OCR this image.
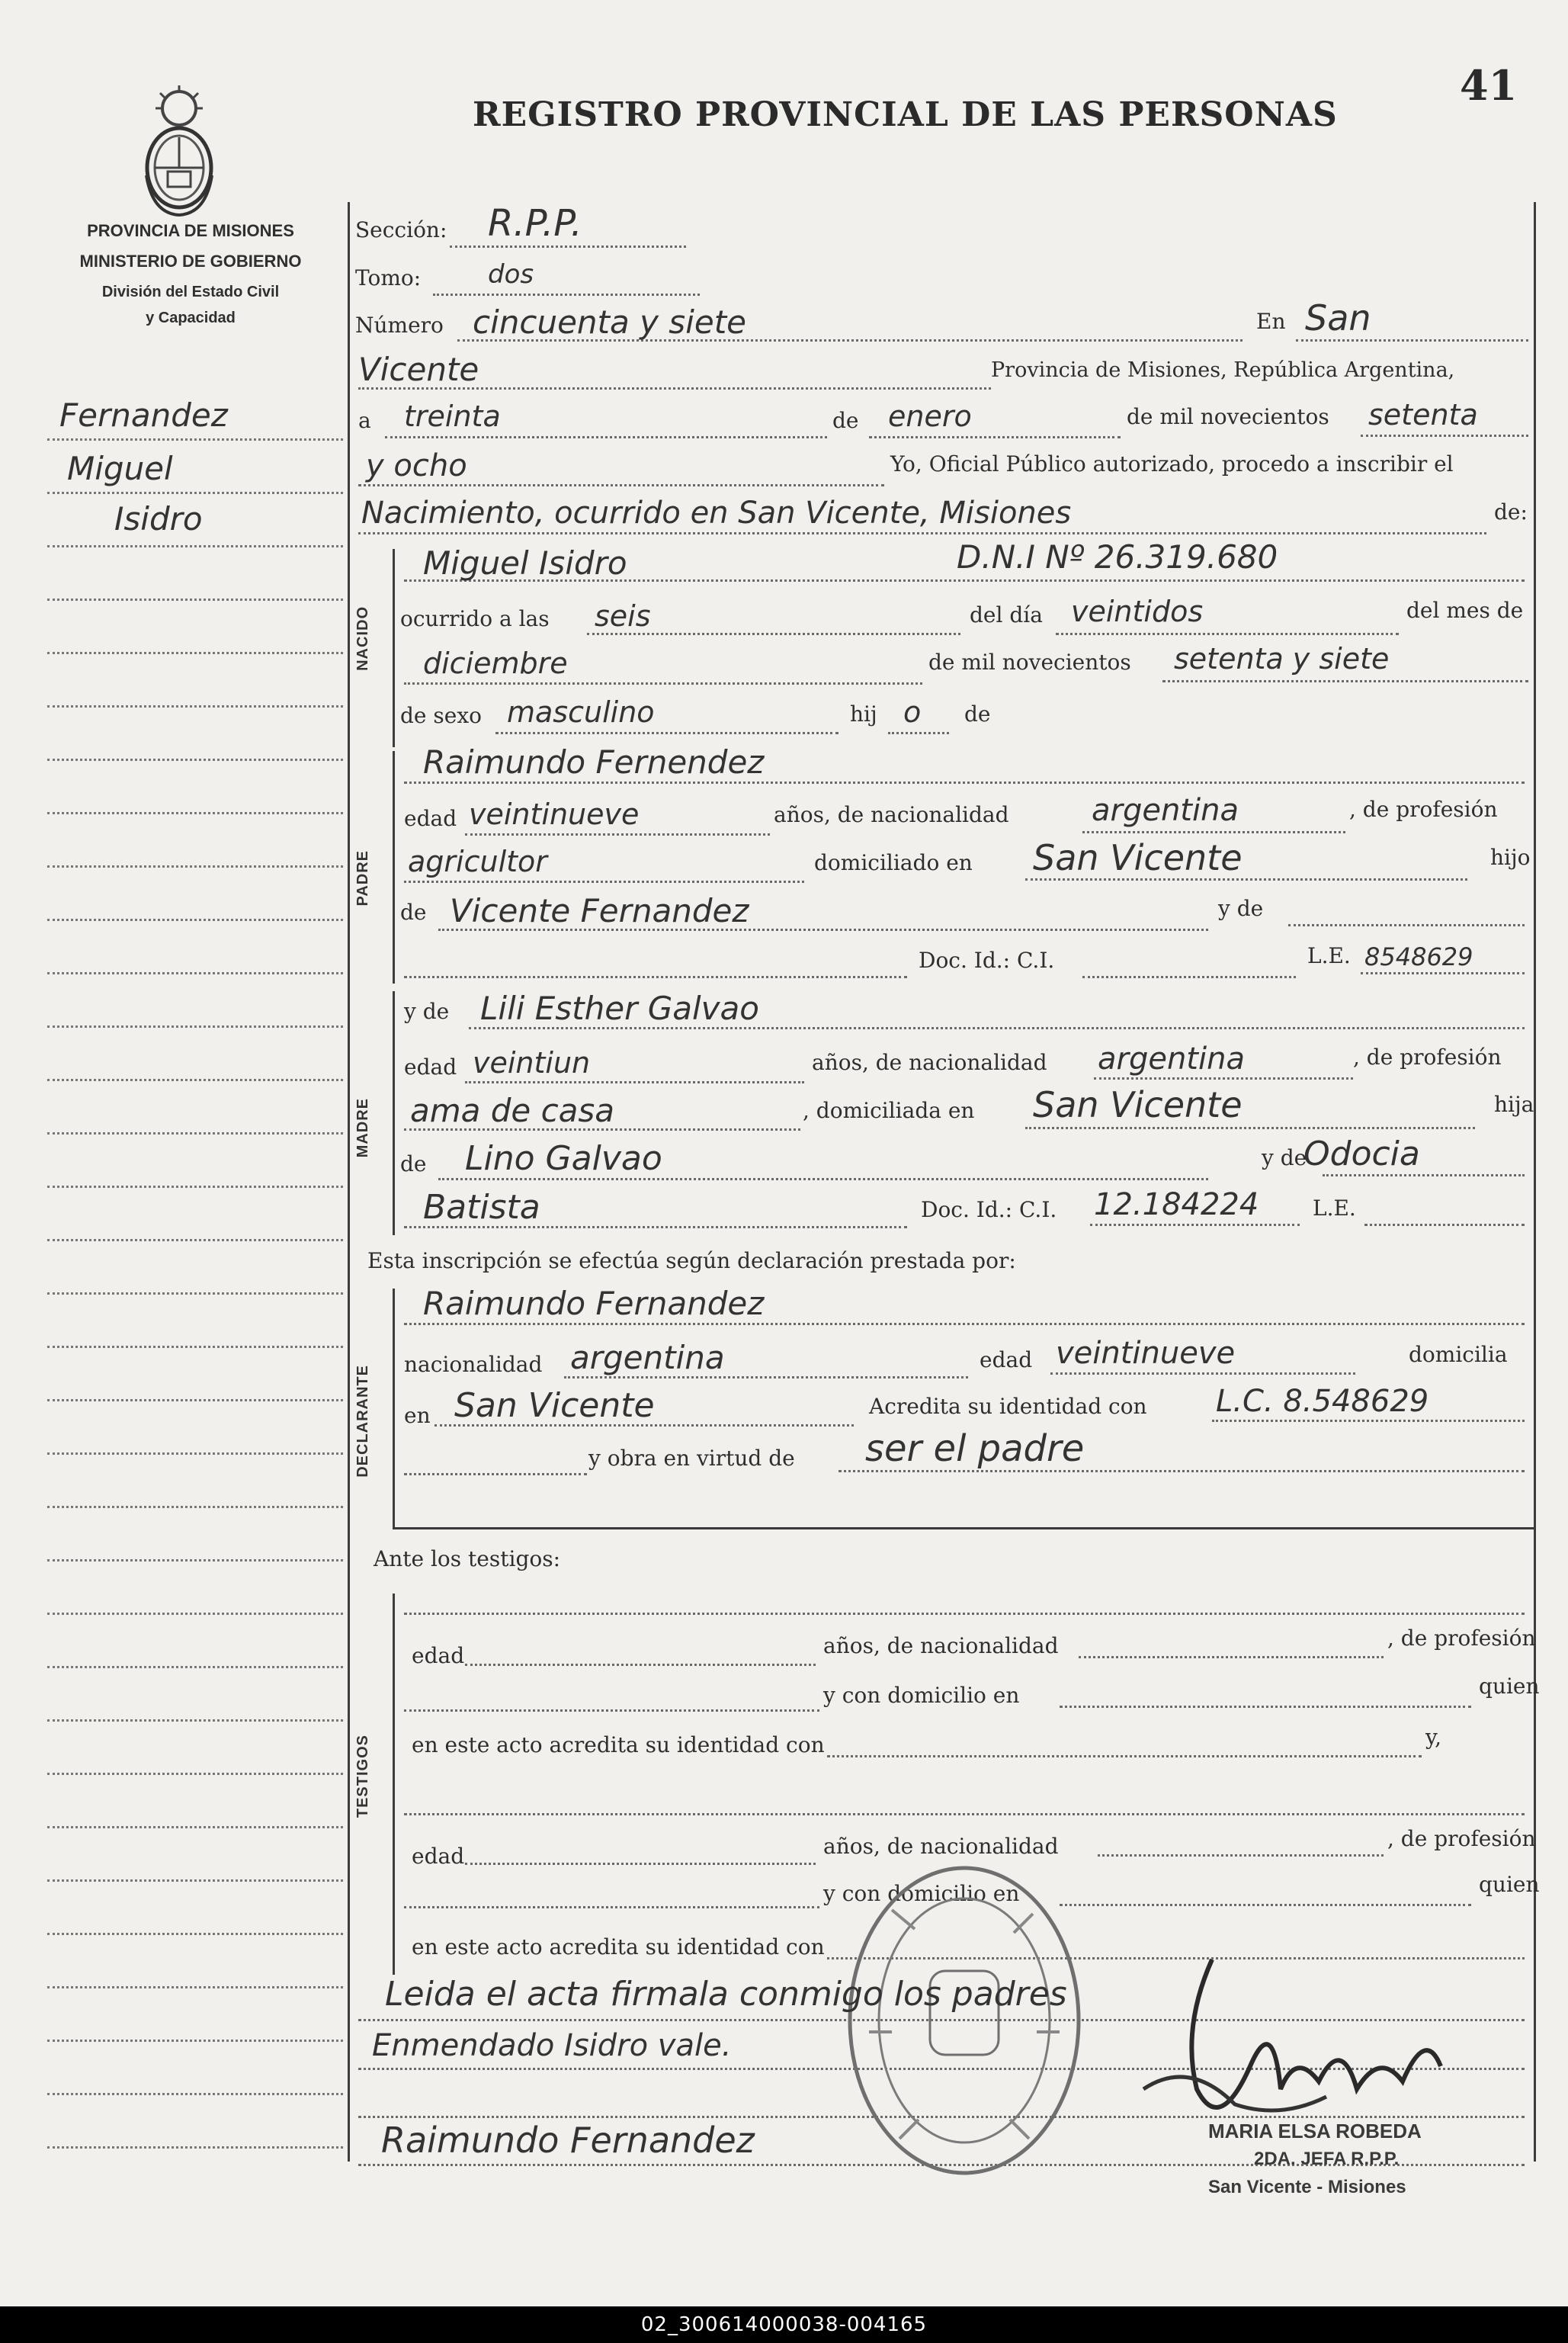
PROVINCIA DE MISIONES
MINISTERIO DE GOBIERNO
División del Estado Civil
y Capacidad
REGISTRO PROVINCIAL DE LAS PERSONAS
41
Fernandez
Miguel
Isidro
Sección: R.P.P.
Tomo:	dos
Número cincuenta y siete	En San
Vicente	Provincia de Misiones, República Argentina,
a treinta	de enero	de mil novecientos setenta
y ocho	Yo, Oficial Público autorizado, procedo a inscribir el
Nacimiento, ocurrido en San Vicente, Misiones	de:
NACIDO
Miguel Isidro	D.N.I Nº 26.319.680
ocurrido a las seis	del día veintidos	del mes de
diciembre	de mil novecientos setenta y siete
de sexo masculino	hij o de
PADRE
Raimundo Fernendez
edad veintinueve	años, de nacionalidad	argentina	, de profesión
agricultor	domiciliado en San Vicente	hijo
de Vicente Fernandez	y de
Doc. Id.: C.I.	L.E. 8548629
MADRE
y de Lili Esther Galvao
edad veintiun	años, de nacionalidad argentina	, de profesión
ama de casa	, domiciliada en San Vicente	hija
de Lino Galvao	y de
Odocia
Batista	Doc. Id.: C.I. 12.184224	L.E.
Esta inscripción se efectúa según declaración prestada por:
DECLARANTE
Raimundo Fernandez
nacionalidad argentina	edad veintinueve	domicilia
en San Vicente	Acredita su identidad con L.C. 8.548629
y obra en virtud de ser el padre
Ante los testigos:
TESTIGOS
edad	años, de nacionalidad	, de profesión
y con domicilio en	quien
en este acto acredita su identidad con	y,
edad	años, de nacionalidad	, de profesión
y con domicilio en	quien
en este acto acredita su identidad con
Leida el acta firmala conmigo los padres
Enmendado Isidro vale.
Raimundo Fernandez	MARIA ELSA ROBEDA
2DA. JEFA R.P.P.
San Vicente - Misiones
02_300614000038-004165
